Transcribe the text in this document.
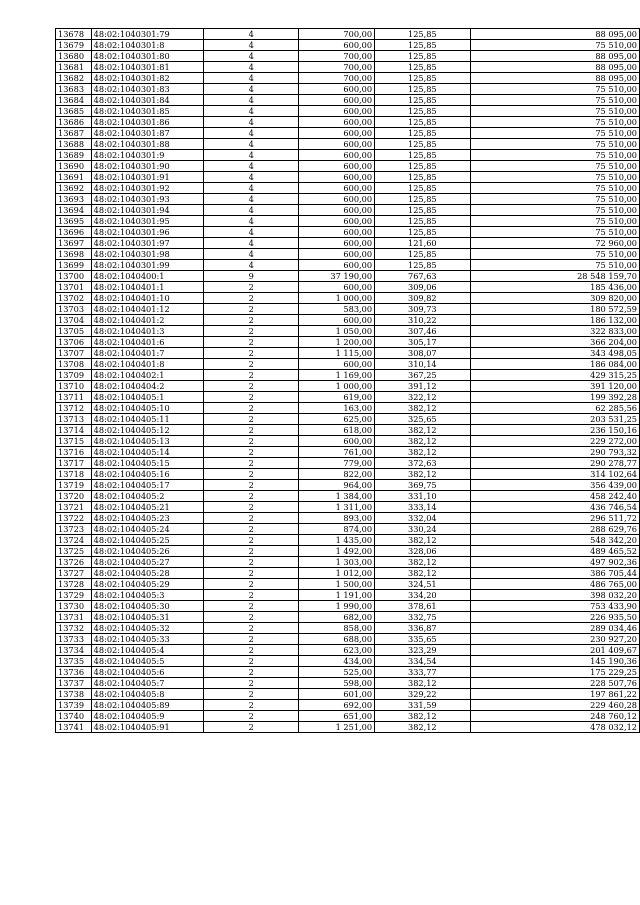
13678	48:02:1040301:79	4	700,00	125,85	88 095,00
13679	48:02:1040301:8	4	600,00	125,85	75 510,00
13680	48:02:1040301:80	4	700,00	125,85	88 095,00
13681	48:02:1040301:81	4	700,00	125,85	88 095,00
13682	48:02:1040301:82	4	700,00	125,85	88 095,00
13683	48:02:1040301:83	4	600,00	125,85	75 510,00
13684	48:02:1040301:84	4	600,00	125,85	75 510,00
13685	48:02:1040301:85	4	600,00	125,85	75 510,00
13686	48:02:1040301:86	4	600,00	125,85	75 510,00
13687	48:02:1040301:87	4	600,00	125,85	75 510,00
13688	48:02:1040301:88	4	600,00	125,85	75 510,00
13689	48:02:1040301:9	4	600,00	125,85	75 510,00
13690	48:02:1040301:90	4	600,00	125,85	75 510,00
13691	48:02:1040301:91	4	600,00	125,85	75 510,00
13692	48:02:1040301:92	4	600,00	125,85	75 510,00
13693	48:02:1040301:93	4	600,00	125,85	75 510,00
13694	48:02:1040301:94	4	600,00	125,85	75 510,00
13695	48:02:1040301:95	4	600,00	125,85	75 510,00
13696	48:02:1040301:96	4	600,00	125,85	75 510,00
13697	48:02:1040301:97	4	600,00	121,60	72 960,00
13698	48:02:1040301:98	4	600,00	125,85	75 510,00
13699	48:02:1040301:99	4	600,00	125,85	75 510,00
13700	48:02:1040400:1	9	37 190,00	767,63	28 548 159,70
13701	48:02:1040401:1	2	600,00	309,06	185 436,00
13702	48:02:1040401:10	2	1 000,00	309,82	309 820,00
13703	48:02:1040401:12	2	583,00	309,73	180 572,59
13704	48:02:1040401:2	2	600,00	310,22	186 132,00
13705	48:02:1040401:3	2	1 050,00	307,46	322 833,00
13706	48:02:1040401:6	2	1 200,00	305,17	366 204,00
13707	48:02:1040401:7	2	1 115,00	308,07	343 498,05
13708	48:02:1040401:8	2	600,00	310,14	186 084,00
13709	48:02:1040402:1	2	1 169,00	367,25	429 315,25
13710	48:02:1040404:2	2	1 000,00	391,12	391 120,00
13711	48:02:1040405:1	2	619,00	322,12	199 392,28
13712	48:02:1040405:10	2	163,00	382,12	62 285,56
13713	48:02:1040405:11	2	625,00	325,65	203 531,25
13714	48:02:1040405:12	2	618,00	382,12	236 150,16
13715	48:02:1040405:13	2	600,00	382,12	229 272,00
13716	48:02:1040405:14	2	761,00	382,12	290 793,32
13717	48:02:1040405:15	2	779,00	372,63	290 278,77
13718	48:02:1040405:16	2	822,00	382,12	314 102,64
13719	48:02:1040405:17	2	964,00	369,75	356 439,00
13720	48:02:1040405:2	2	1 384,00	331,10	458 242,40
13721	48:02:1040405:21	2	1 311,00	333,14	436 746,54
13722	48:02:1040405:23	2	893,00	332,04	296 511,72
13723	48:02:1040405:24	2	874,00	330,24	288 629,76
13724	48:02:1040405:25	2	1 435,00	382,12	548 342,20
13725	48:02:1040405:26	2	1 492,00	328,06	489 465,52
13726	48:02:1040405:27	2	1 303,00	382,12	497 902,36
13727	48:02:1040405:28	2	1 012,00	382,12	386 705,44
13728	48:02:1040405:29	2	1 500,00	324,51	486 765,00
13729	48:02:1040405:3	2	1 191,00	334,20	398 032,20
13730	48:02:1040405:30	2	1 990,00	378,61	753 433,90
13731	48:02:1040405:31	2	682,00	332,75	226 935,50
13732	48:02:1040405:32	2	858,00	336,87	289 034,46
13733	48:02:1040405:33	2	688,00	335,65	230 927,20
13734	48:02:1040405:4	2	623,00	323,29	201 409,67
13735	48:02:1040405:5	2	434,00	334,54	145 190,36
13736	48:02:1040405:6	2	525,00	333,77	175 229,25
13737	48:02:1040405:7	2	598,00	382,12	228 507,76
13738	48:02:1040405:8	2	601,00	329,22	197 861,22
13739	48:02:1040405:89	2	692,00	331,59	229 460,28
13740	48:02:1040405:9	2	651,00	382,12	248 760,12
13741	48:02:1040405:91	2	1 251,00	382,12	478 032,12
